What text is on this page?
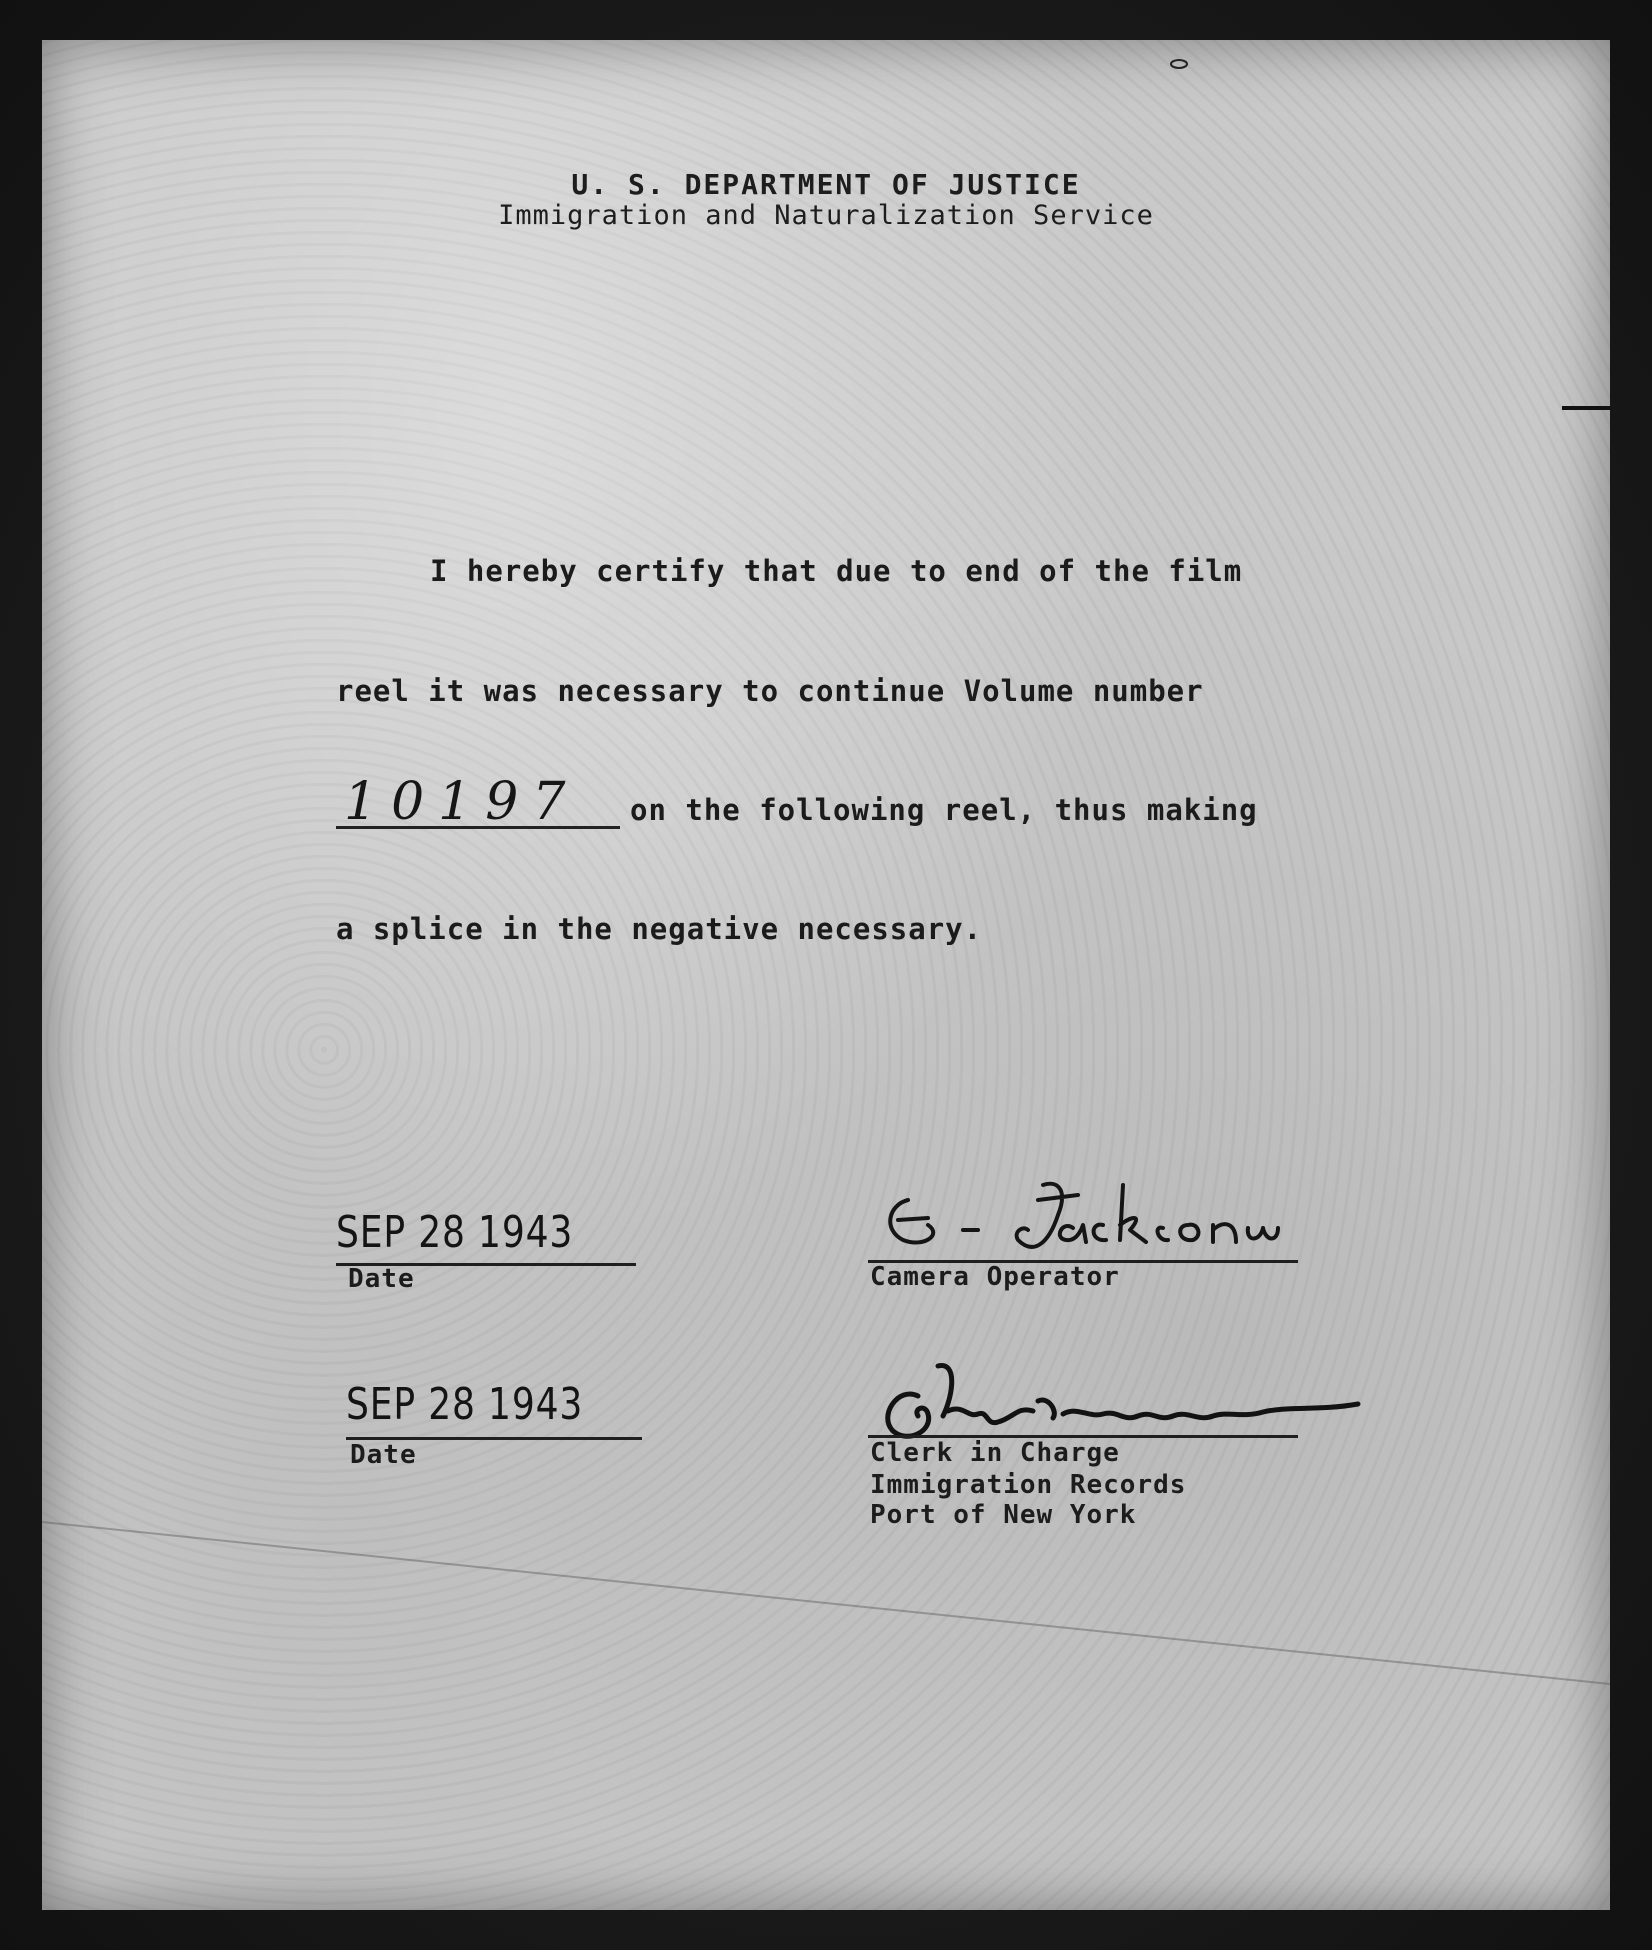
U. S. DEPARTMENT OF JUSTICE
Immigration and Naturalization Service
I hereby certify that due to end of the film
reel it was necessary to continue Volume number
10197	on the following reel, thus making
a splice in the negative necessary.
SEP 28 1943
Date	Camera Operator
SEP 28 1943
Date	Clerk in Charge
Immigration Records
Port of New York
